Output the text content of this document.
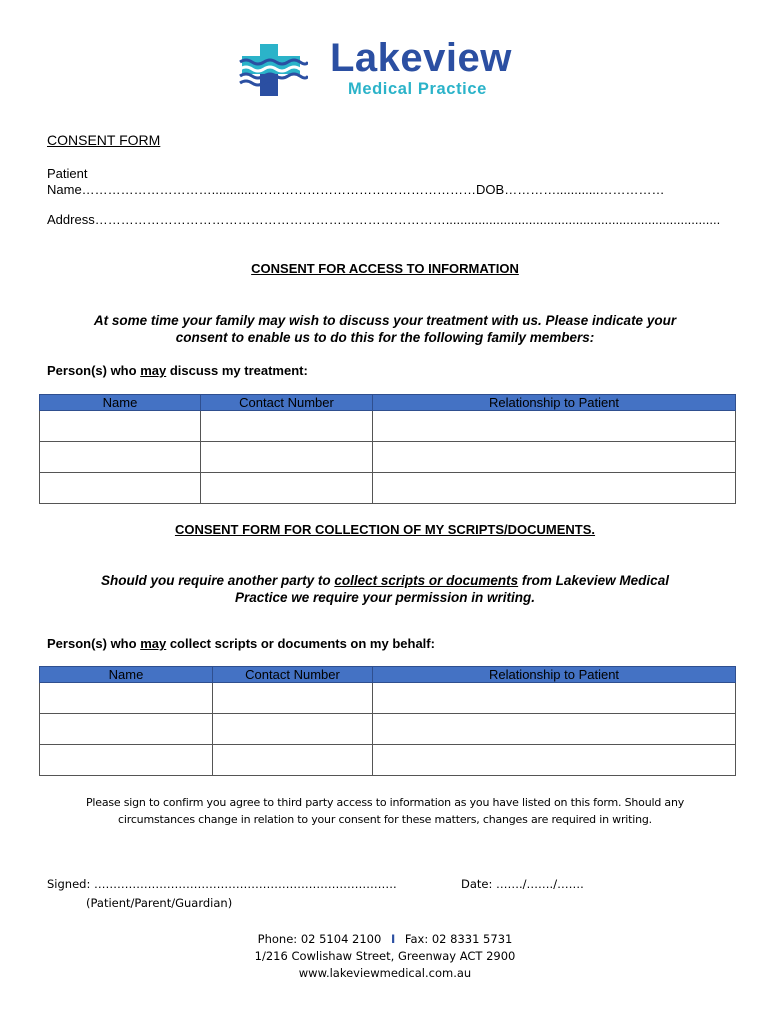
Lakeview
Medical Practice
CONSENT FORM
Patient
Name…………………………............……………………………………………DOB…………............……………
Address………………………………………………………………………............................................................................
CONSENT FOR ACCESS TO INFORMATION
At some time your family may wish to discuss your treatment with us. Please indicate your
consent to enable us to do this for the following family members:
Person(s) who may discuss my treatment:
Name	Contact Number	Relationship to Patient

CONSENT FORM FOR COLLECTION OF MY SCRIPTS/DOCUMENTS.
Should you require another party to collect scripts or documents from Lakeview Medical
Practice we require your permission in writing.
Person(s) who may collect scripts or documents on my behalf:
Name	Contact Number	Relationship to Patient

Please sign to confirm you agree to third party access to information as you have listed on this form. Should any
circumstances change in relation to your consent for these matters, changes are required in writing.
Signed: …………………………………………………………………….
(Patient/Parent/Guardian)
Date: ……./……./…….
Phone: 02 5104 2100 I Fax: 02 8331 5731
1/216 Cowlishaw Street, Greenway ACT 2900
www.lakeviewmedical.com.au
